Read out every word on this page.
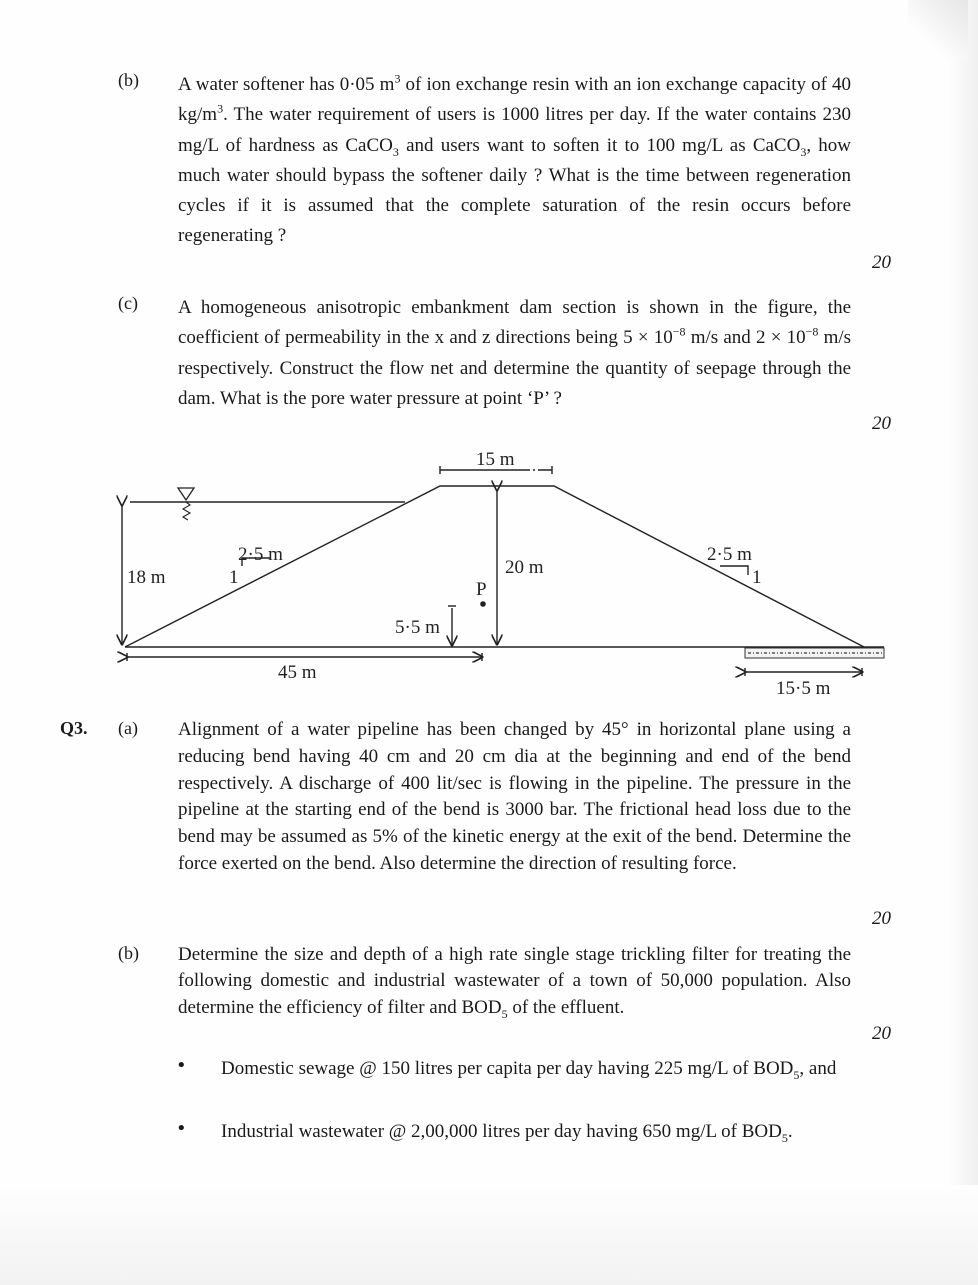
(b) A water softener has 0·05 $m^3$ of ion exchange resin with an ion exchange capacity of 40 $kg/m^3$. The water requirement of users is 1000 litres per day. If the water contains 230 mg/L of hardness as CaCO$_3$ and users want to soften it to 100 mg/L as CaCO$_3$, how much water should bypass the softener daily ? What is the time between regeneration cycles if it is assumed that the complete saturation of the resin occurs before regenerating ?
20
(c) A homogeneous anisotropic embankment dam section is shown in the figure, the coefficient of permeability in the x and z directions being $5 \times 10^{-8}$ m/s and $2 \times 10^{-8}$ m/s respectively. Construct the flow net and determine the quantity of seepage through the dam. What is the pore water pressure at point ‘P’ ?
20
15 m
18 m	20 m
2·5 m
1
2·5 m
1
P
5·5 m
45 m
15·5 m
Q3. (a) Alignment of a water pipeline has been changed by 45° in horizontal plane using a reducing bend having 40 cm and 20 cm dia at the beginning and end of the bend respectively. A discharge of 400 lit/sec is flowing in the pipeline. The pressure in the pipeline at the starting end of the bend is 3000 bar. The frictional head loss due to the bend may be assumed as 5% of the kinetic energy at the exit of the bend. Determine the force exerted on the bend. Also determine the direction of resulting force.
20
(b) Determine the size and depth of a high rate single stage trickling filter for treating the following domestic and industrial wastewater of a town of 50,000 population. Also determine the efficiency of filter and $BOD_5$ of the effluent.
20
• Domestic sewage @ 150 litres per capita per day having 225 mg/L of $BOD_5$, and
• Industrial wastewater @ 2,00,000 litres per day having 650 mg/L of $BOD_5$.
